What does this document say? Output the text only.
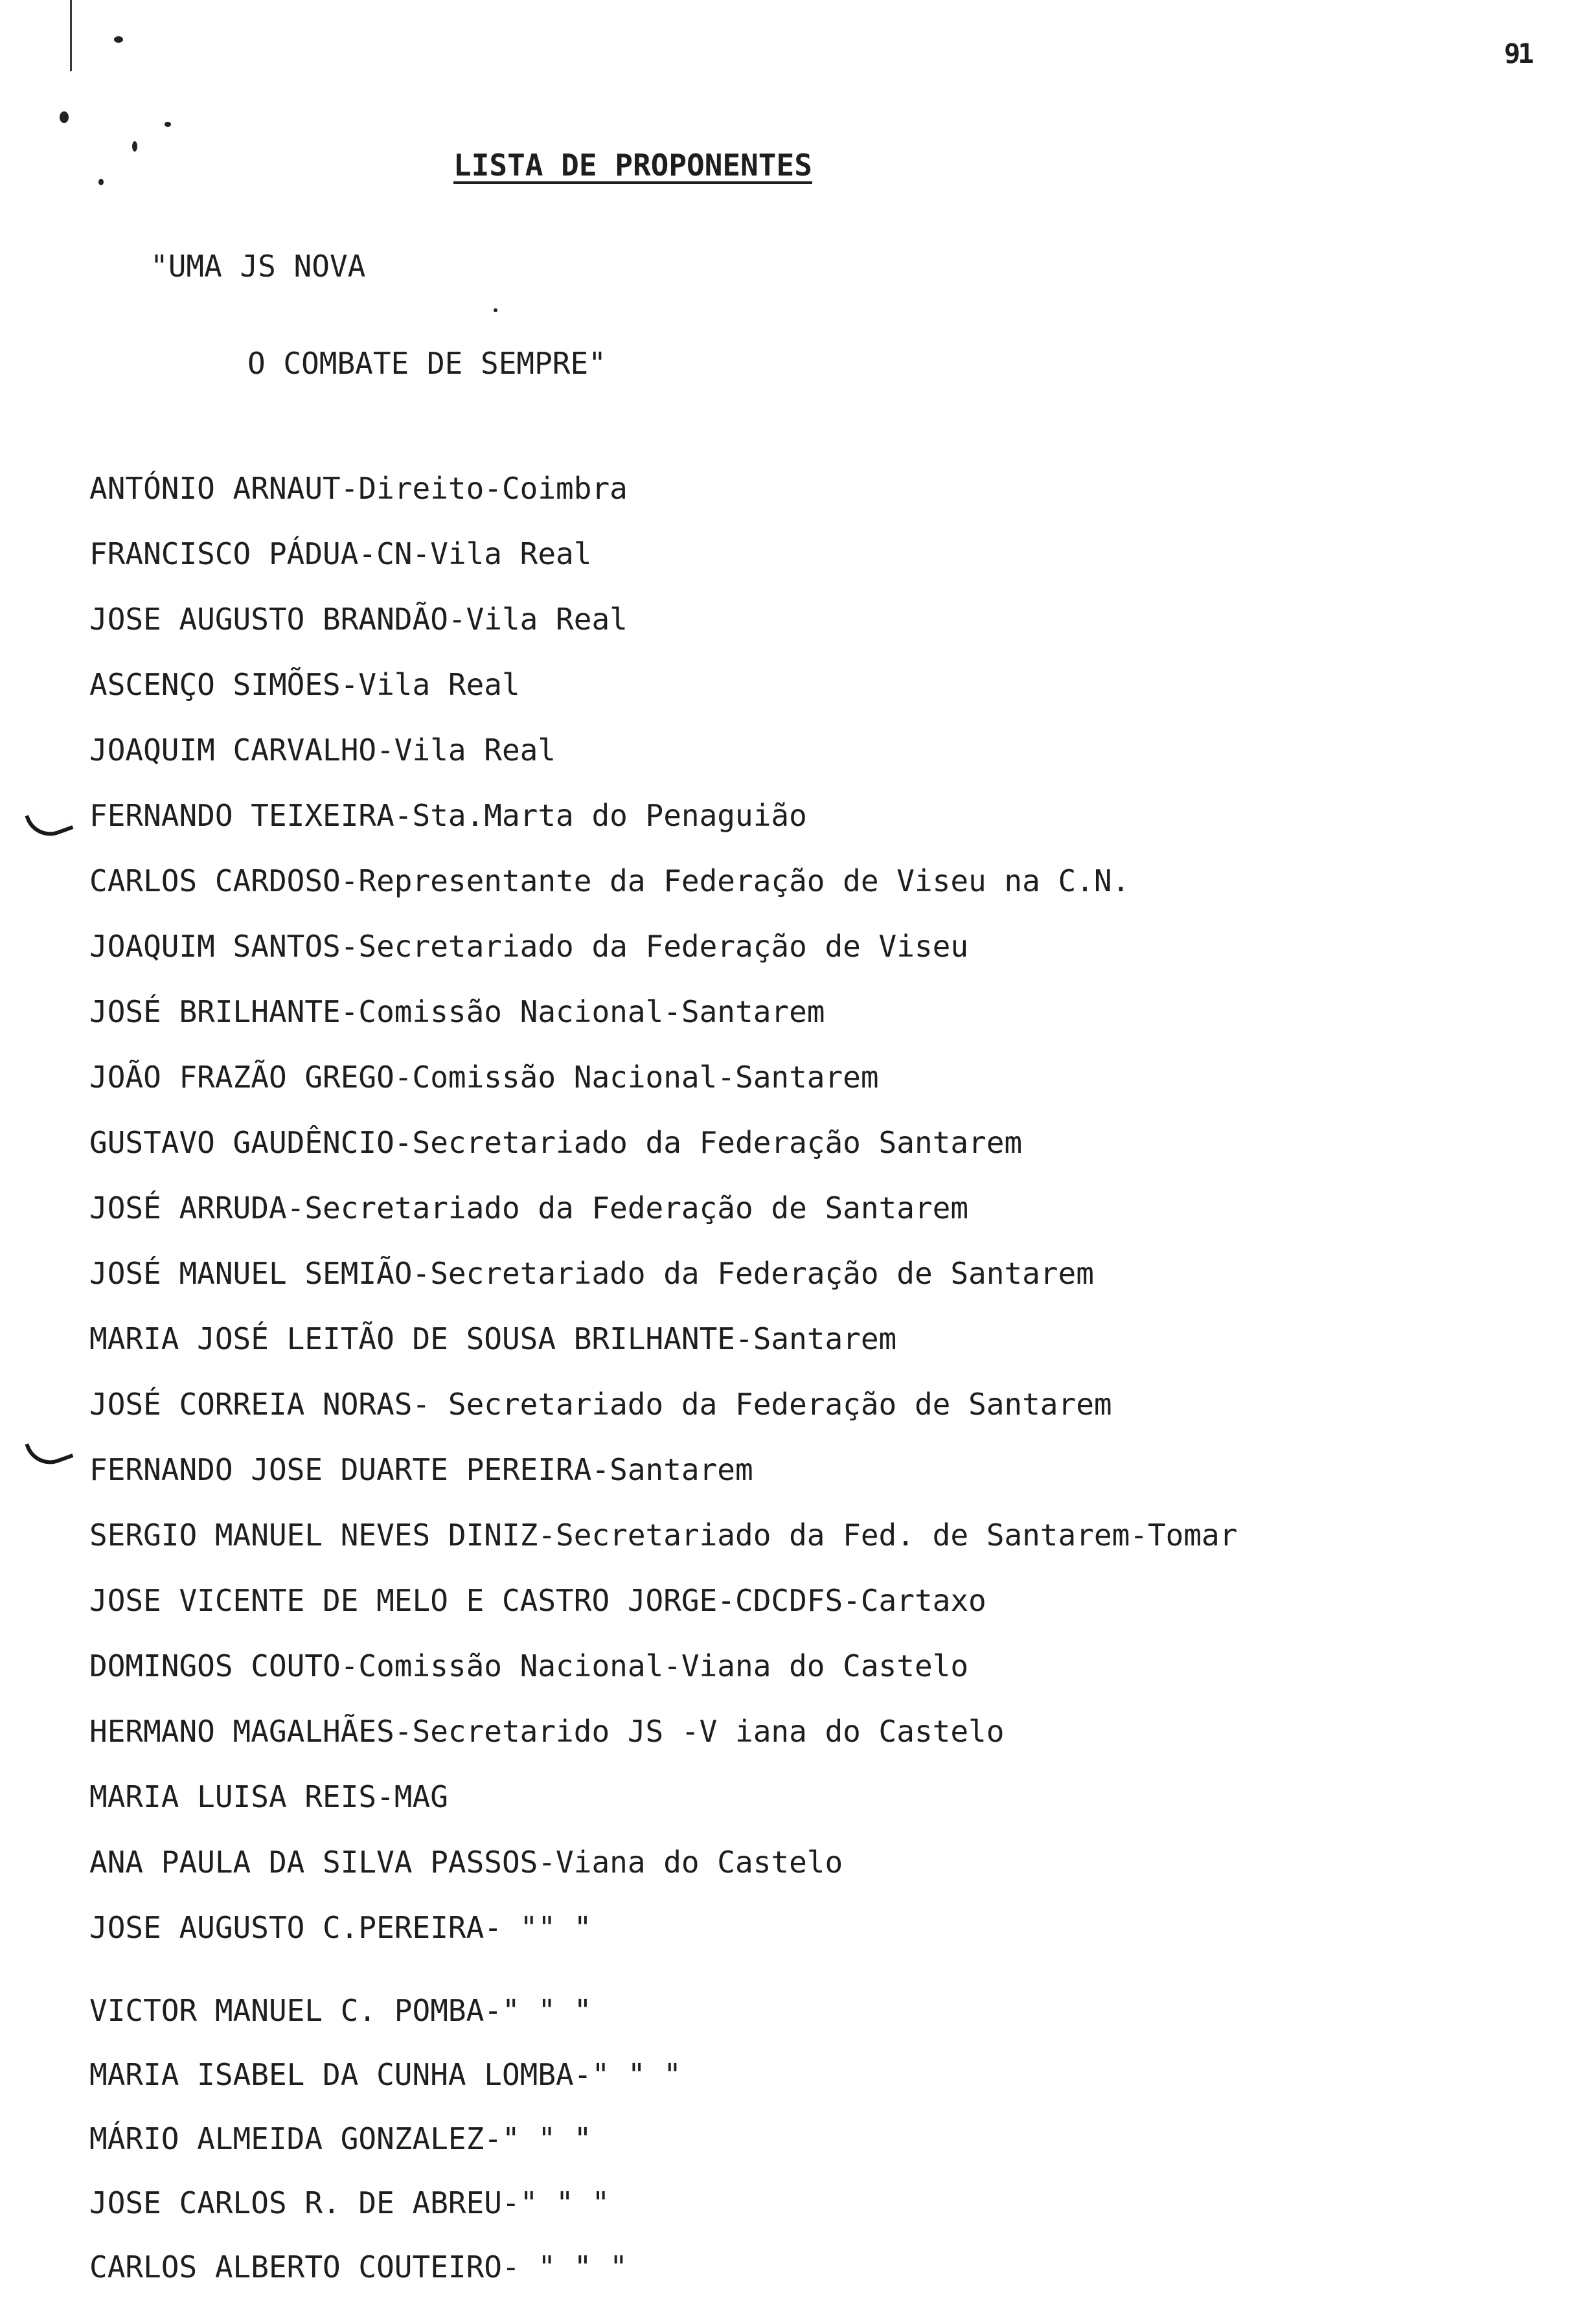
91
LISTA DE PROPONENTES
"UMA JS NOVA
O COMBATE DE SEMPRE"
ANTÓNIO ARNAUT-Direito-Coimbra
FRANCISCO PÁDUA-CN-Vila Real
JOSE AUGUSTO BRANDÃO-Vila Real
ASCENÇO SIMÕES-Vila Real
JOAQUIM CARVALHO-Vila Real
FERNANDO TEIXEIRA-Sta.Marta do Penaguião
CARLOS CARDOSO-Representante da Federação de Viseu na C.N.
JOAQUIM SANTOS-Secretariado da Federação de Viseu
JOSÉ BRILHANTE-Comissão Nacional-Santarem
JOÃO FRAZÃO GREGO-Comissão Nacional-Santarem
GUSTAVO GAUDÊNCIO-Secretariado da Federação Santarem
JOSÉ ARRUDA-Secretariado da Federação de Santarem
JOSÉ MANUEL SEMIÃO-Secretariado da Federação de Santarem
MARIA JOSÉ LEITÃO DE SOUSA BRILHANTE-Santarem
JOSÉ CORREIA NORAS- Secretariado da Federação de Santarem
FERNANDO JOSE DUARTE PEREIRA-Santarem
SERGIO MANUEL NEVES DINIZ-Secretariado da Fed. de Santarem-Tomar
JOSE VICENTE DE MELO E CASTRO JORGE-CDCDFS-Cartaxo
DOMINGOS COUTO-Comissão Nacional-Viana do Castelo
HERMANO MAGALHÃES-Secretarido JS -V iana do Castelo
MARIA LUISA REIS-MAG
ANA PAULA DA SILVA PASSOS-Viana do Castelo
JOSE AUGUSTO C.PEREIRA- "" "
VICTOR MANUEL C. POMBA-" " "
MARIA ISABEL DA CUNHA LOMBA-" " "
MÁRIO ALMEIDA GONZALEZ-" " "
JOSE CARLOS R. DE ABREU-" " "
CARLOS ALBERTO COUTEIRO- " " "
